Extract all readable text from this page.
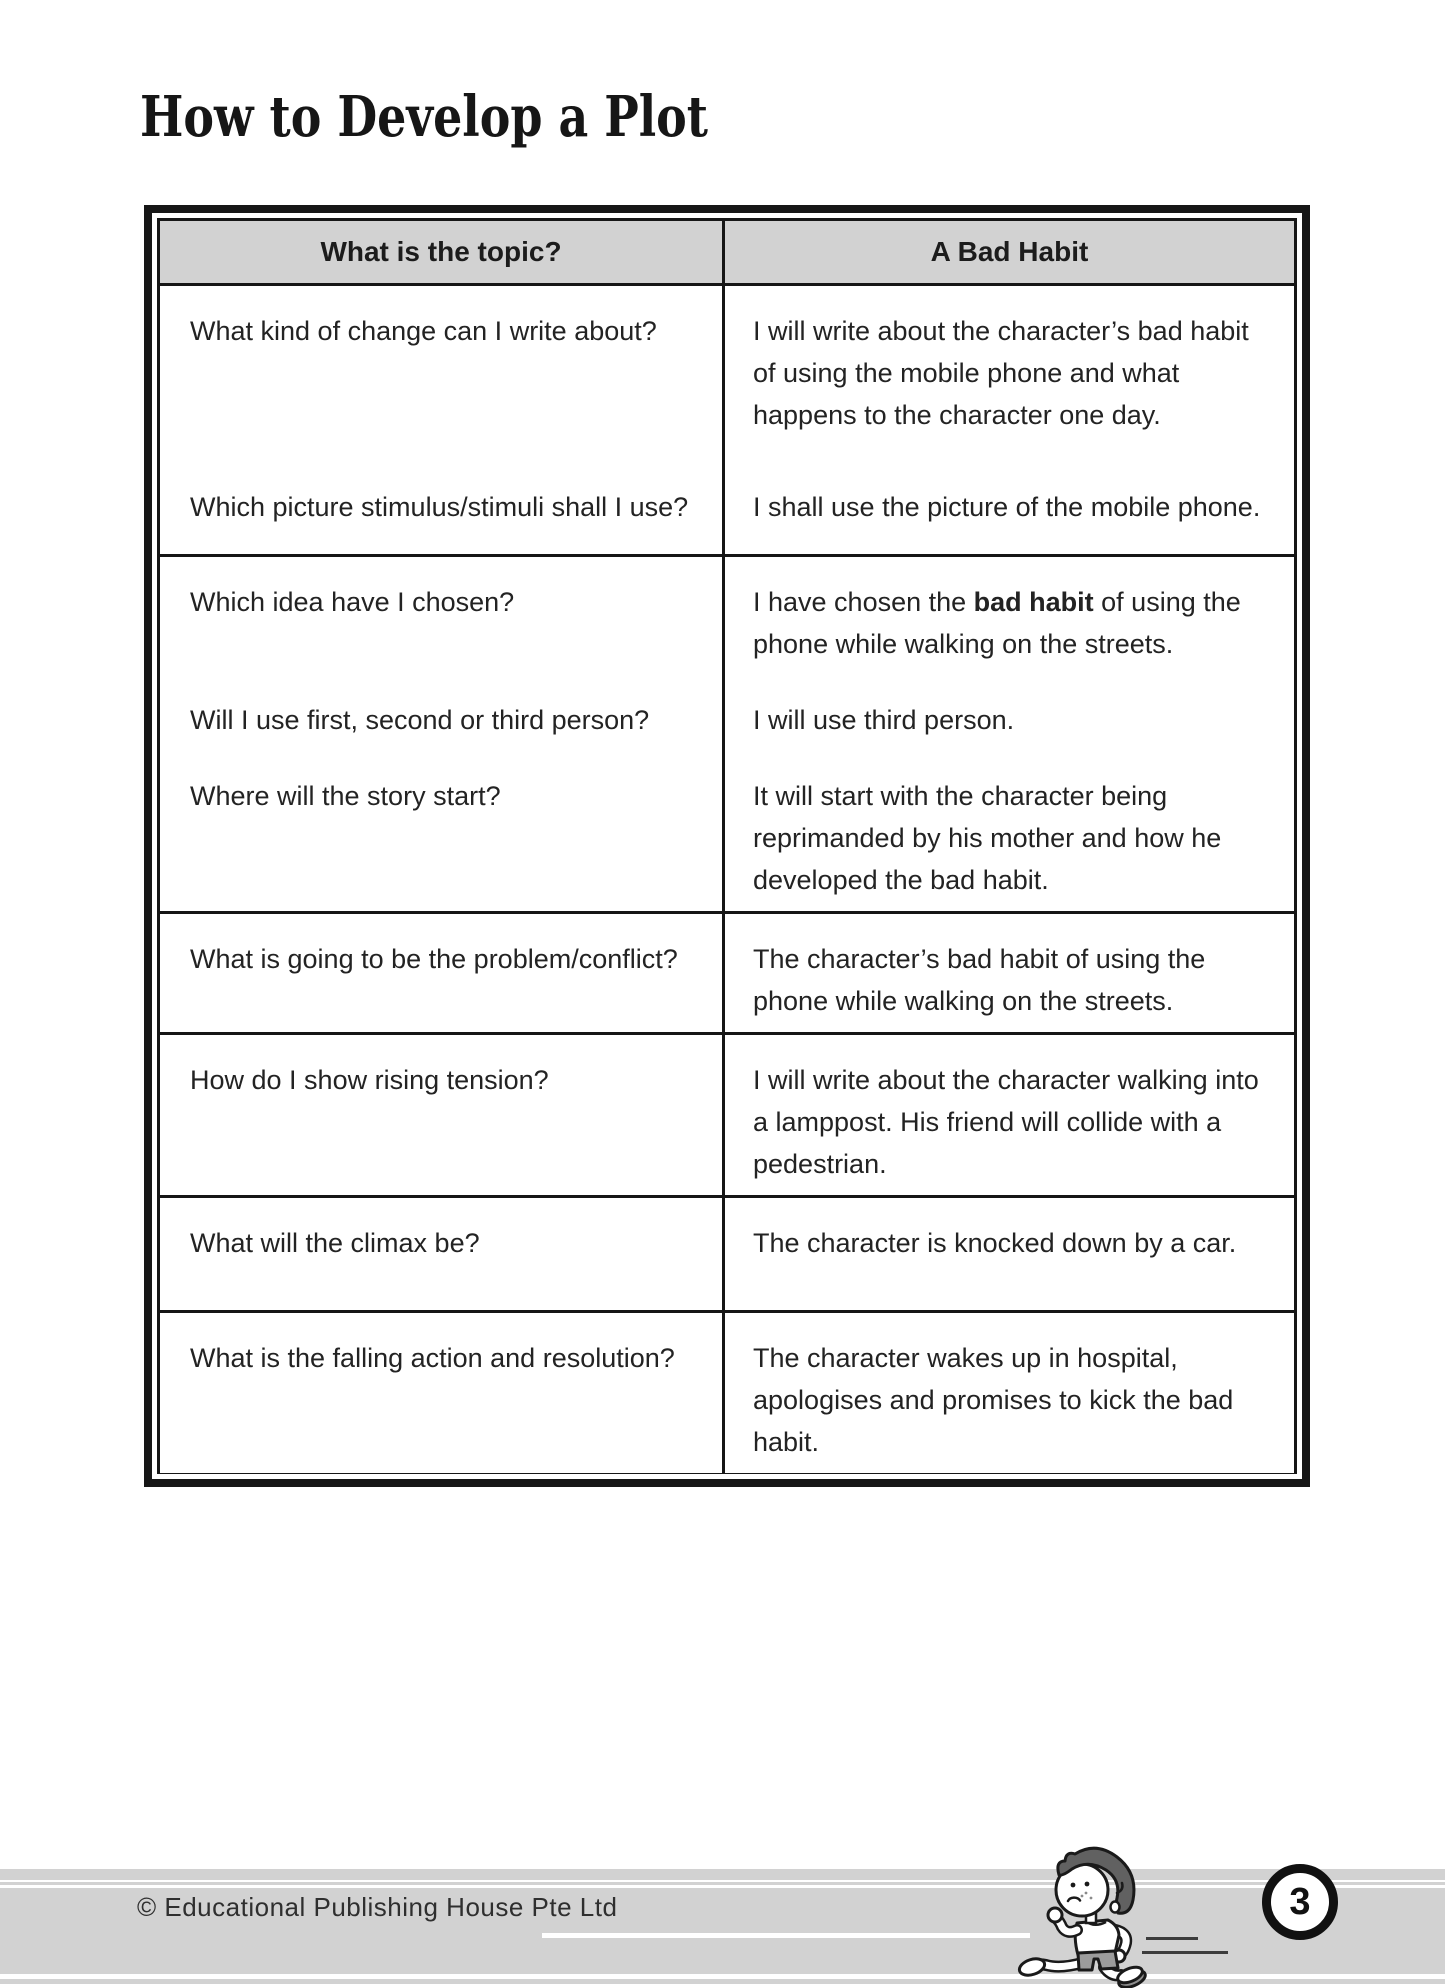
How to Develop a Plot
What is the topic?	A Bad Habit
What kind of change can I write about?	I will write about the character’s bad habit of using the mobile phone and what happens to the character one day.
Which picture stimulus/stimuli shall I use?	I shall use the picture of the mobile phone.
Which idea have I chosen?	I have chosen the bad habit of using the phone while walking on the streets.
Will I use first, second or third person?	I will use third person.
Where will the story start?	It will start with the character being reprimanded by his mother and how he developed the bad habit.
What is going to be the problem/conflict?	The character’s bad habit of using the phone while walking on the streets.
How do I show rising tension?	I will write about the character walking into a lamppost. His friend will collide with a pedestrian.
What will the climax be?	The character is knocked down by a car.
What is the falling action and resolution?	The character wakes up in hospital, apologises and promises to kick the bad habit.
© Educational Publishing House Pte Ltd	3
